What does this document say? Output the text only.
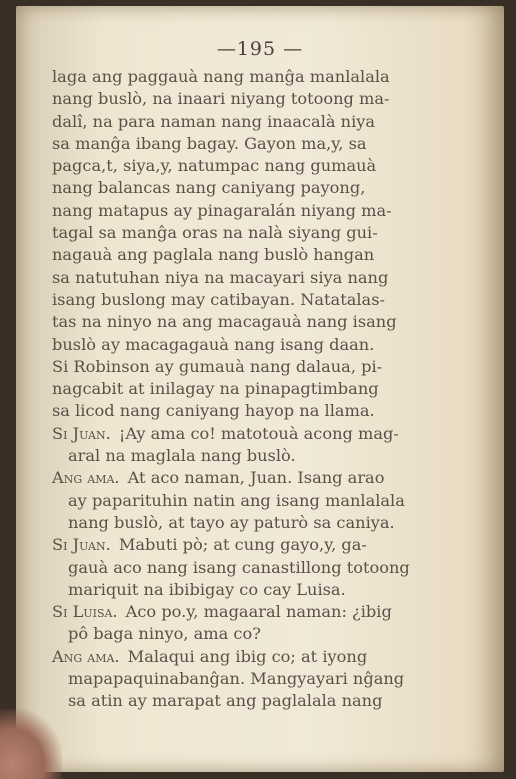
—195 —
laga ang paggauà nang manĝa manlalala
nang buslò, na inaari niyang totoong ma-
dalî, na para naman nang inaacalà niya
sa manĝa ibang bagay. Gayon ma,y, sa
pagca,t, siya,y, natumpac nang gumauà
nang balancas nang caniyang payong,
nang matapus ay pinagaralán niyang ma-
tagal sa manĝa oras na nalà siyang gui-
nagauà ang paglala nang buslò hangan
sa natutuhan niya na macayari siya nang
isang buslong may catibayan. Natatalas-
tas na ninyo na ang macagauà nang isang
buslò ay macagagauà nang isang daan.
Si Robinson ay gumauà nang dalaua, pi-
nagcabit at inilagay na pinapagtimbang
sa licod nang caniyang hayop na llama.
Si Juan.  ¡Ay ama co! matotouà acong mag-
aral na maglala nang buslò.
Ang ama.  At aco naman, Juan. Isang arao
ay paparituhin natin ang isang manlalala
nang buslò, at tayo ay paturò sa caniya.
Si Juan.  Mabuti pò; at cung gayo,y, ga-
gauà aco nang isang canastillong totoong
mariquit na ibibigay co cay Luisa.
Si Luisa.  Aco po.y, magaaral naman: ¿ibig
pô baga ninyo, ama co?
Ang ama.  Malaqui ang ibig co; at iyong
mapapaquinabanĝan. Mangyayari nĝang
sa atin ay marapat ang paglalala nang
